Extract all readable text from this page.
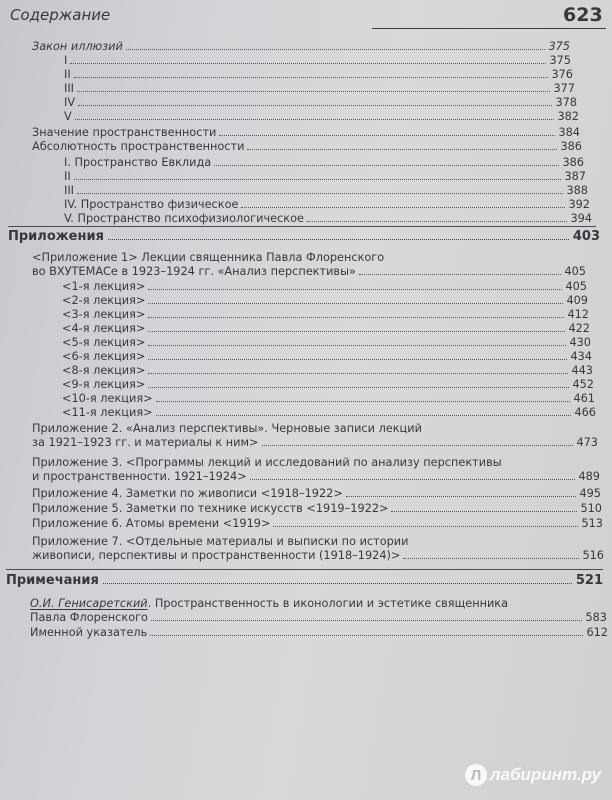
Содержание	623
Закон иллюзий	375
I	375
II	376
III	377
IV	378
V	382
Значение пространственности	384
Абсолютность пространственности	386
I. Пространство Евклида	386
II	387
III	388
IV. Пространство физическое	392
V. Пространство психофизиологическое	394
Приложения	403
<Приложение 1> Лекции священника Павла Флоренского
во ВХУТЕМАСе в 1923–1924 гг. «Анализ перспективы»	405
<1-я лекция>	405
<2-я лекция>	409
<3-я лекция>	412
<4-я лекция>	422
<5-я лекция>	430
<6-я лекция>	434
<8-я лекция>	443
<9-я лекция>	452
<10-я лекция>	461
<11-я лекция>	466
Приложение 2. «Анализ перспективы». Черновые записи лекций
за 1921–1923 гг. и материалы к ним>	473
Приложение 3. <Программы лекций и исследований по анализу перспективы
и пространственности. 1921–1924>	489
Приложение 4. Заметки по живописи <1918–1922>	495
Приложение 5. Заметки по технике искусств <1919–1922>	510
Приложение 6. Атомы времени <1919>	513
Приложение 7. <Отдельные материалы и выписки по истории
живописи, перспективы и пространственности (1918–1924)>	516
Примечания	521
О.И. Генисаретский. Пространственность в иконологии и эстетике священника
Павла Флоренского	583
Именной указатель	612
Л лабиринт.ру
